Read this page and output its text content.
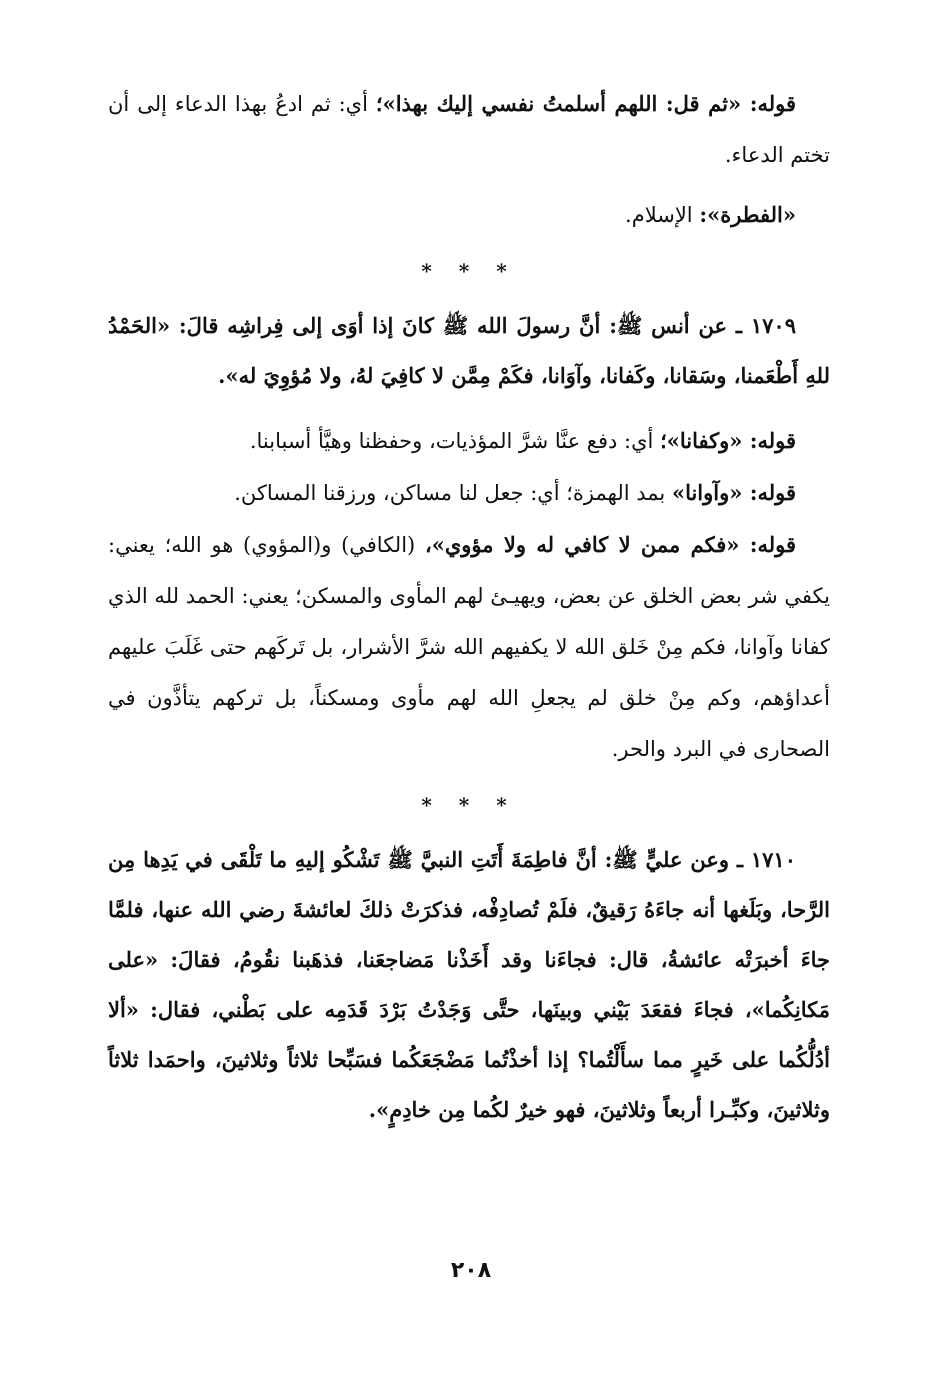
قوله: «ثم قل: اللهم أسلمتُ نفسي إليك بهذا»؛ أي: ثم ادعُ بهذا الدعاء إلى أن تختم الدعاء.

«الفطرة»: الإسلام.

* * *

١٧٠٩ ـ عن أنس ﷺ: أنَّ رسولَ الله ﷺ كانَ إذا أوَى إلى فِراشِه قالَ: «الحَمْدُ للهِ أَطْعَمنا، وسَقانا، وكَفانا، وآوَانا، فكَمْ مِمَّن لا كافِيَ لهُ، ولا مُؤوِيَ له».

قوله: «وكفانا»؛ أي: دفع عنَّا شرَّ المؤذيات، وحفظنا وهيَّأ أسبابنا.

قوله: «وآوانا» بمد الهمزة؛ أي: جعل لنا مساكن، ورزقنا المساكن.

قوله: «فكم ممن لا كافي له ولا مؤوي»، (الكافي) و(المؤوي) هو الله؛ يعني: يكفي شر بعض الخلق عن بعض، ويهيـئ لهم المأوى والمسكن؛ يعني: الحمد لله الذي كفانا وآوانا، فكم مِنْ خَلق الله لا يكفيهم الله شرَّ الأشرار، بل تَركَهم حتى غَلَبَ عليهم أعداؤهم، وكم مِنْ خلق لم يجعلِ الله لهم مأوى ومسكناً، بل تركهم يتأذَّون في الصحارى في البرد والحر.

* * *

١٧١٠ ـ وعن عليٍّ ﷺ: أنَّ فاطِمَةَ أَتَتِ النبيَّ ﷺ تَشْكُو إليهِ ما تَلْقَى في يَدِها مِن الرَّحا، وبَلَغها أنه جاءَهُ رَقيقٌ، فلَمْ تُصادِفْه، فذكرَتْ ذلكَ لعائشةَ رضي الله عنها، فلمَّا جاءَ أخبرَتْه عائشةُ، قال: فجاءَنا وقد أَخَذْنا مَضاجعَنا، فذهَبنا نقُومُ، فقالَ: «على مَكانِكُما»، فجاءَ فقعَدَ بَيْني وبينَها، حتَّى وَجَدْتُ بَرْدَ قَدَمِه على بَطْني، فقال: «ألا أدُلُّكُما على خَيرٍ مما سأَلْتُما؟ إذا أخذْتُما مَضْجَعَكُما فسَبِّحا ثلاثاً وثلاثينَ، واحمَدا ثلاثاً وثلاثينَ، وكبِّـرا أربعاً وثلاثينَ، فهو خيرٌ لكُما مِن خادِمٍ».

٢٠٨
